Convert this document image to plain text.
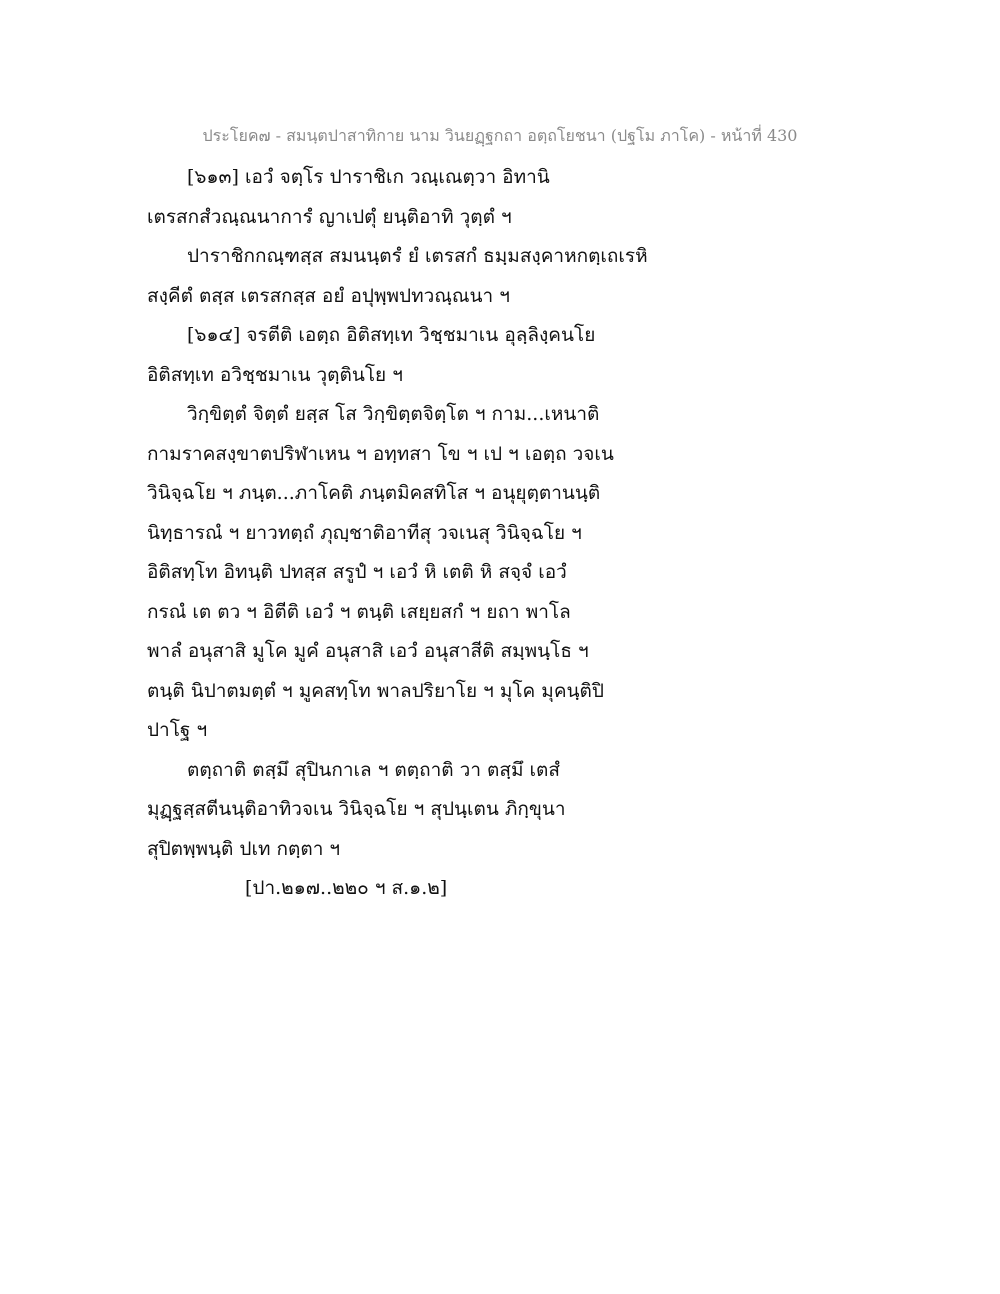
ประโยค๗ - สมนฺตปาสาทิกาย นาม วินยฏฺฐกถา อตฺถโยชนา (ปฐโม ภาโค) - หน้าที่ 430
[๖๑๓] เอวํ จตฺโร ปาราชิเก วณฺเณตฺวา อิทานิ
เตรสกสํวณฺณนาการํ ญาเปตุํ ยนฺติอาทิ วุตฺตํ ฯ
ปาราชิกกณฺฑสฺส สมนนฺตรํ ยํ เตรสกํ ธมฺมสงฺคาหกตฺเถเรหิ
สงฺคีตํ ตสฺส เตรสกสฺส อยํ อปุพฺพปทวณฺณนา ฯ
[๖๑๔] จรตีติ เอตฺถ อิติสทฺเท วิชฺชมาเน อุลฺลิงฺคนโย
อิติสทฺเท อวิชฺชมาเน วุตฺตินโย ฯ
วิกฺขิตฺตํ จิตฺตํ ยสฺส โส วิกฺขิตฺตจิตฺโต ฯ กาม...เหนาติ
กามราคสงฺขาตปริฬาเหน ฯ อทฺทสา โข ฯ เป ฯ เอตฺถ วจเน
วินิจฺฉโย ฯ ภนฺต...ภาโคติ ภนฺตมิคสทิโส ฯ อนุยุตฺตานนฺติ
นิทฺธารณํ ฯ ยาวทตฺถํ ภุญฺชาติอาทีสุ วจเนสุ วินิจฺฉโย ฯ
อิติสทฺโท อิทนฺติ ปทสฺส สรูปํ ฯ เอวํ หิ เตติ หิ สจฺจํ เอวํ
กรณํ เต ตว ฯ อิตีติ เอวํ ฯ ตนฺติ เสยฺยสกํ ฯ ยถา พาโล
พาลํ อนุสาสิ มูโค มูคํ อนุสาสิ เอวํ อนุสาสีติ สมฺพนฺโธ ฯ
ตนฺติ นิปาตมตฺตํ ฯ มูคสทฺโท พาลปริยาโย ฯ มุโค มุคนฺติปิ
ปาโฐ ฯ
ตตฺถาติ ตสฺมึ สุปินกาเล ฯ ตตฺถาติ วา ตสฺมึ เตสํ
มุฏฺฐสฺสตีนนฺติอาทิวจเน วินิจฺฉโย ฯ สุปนฺเตน ภิกฺขุนา
สุปิตพฺพนฺติ ปเท กตฺตา ฯ
[ปา.๒๑๗..๒๒๐ ฯ ส.๑.๒]
